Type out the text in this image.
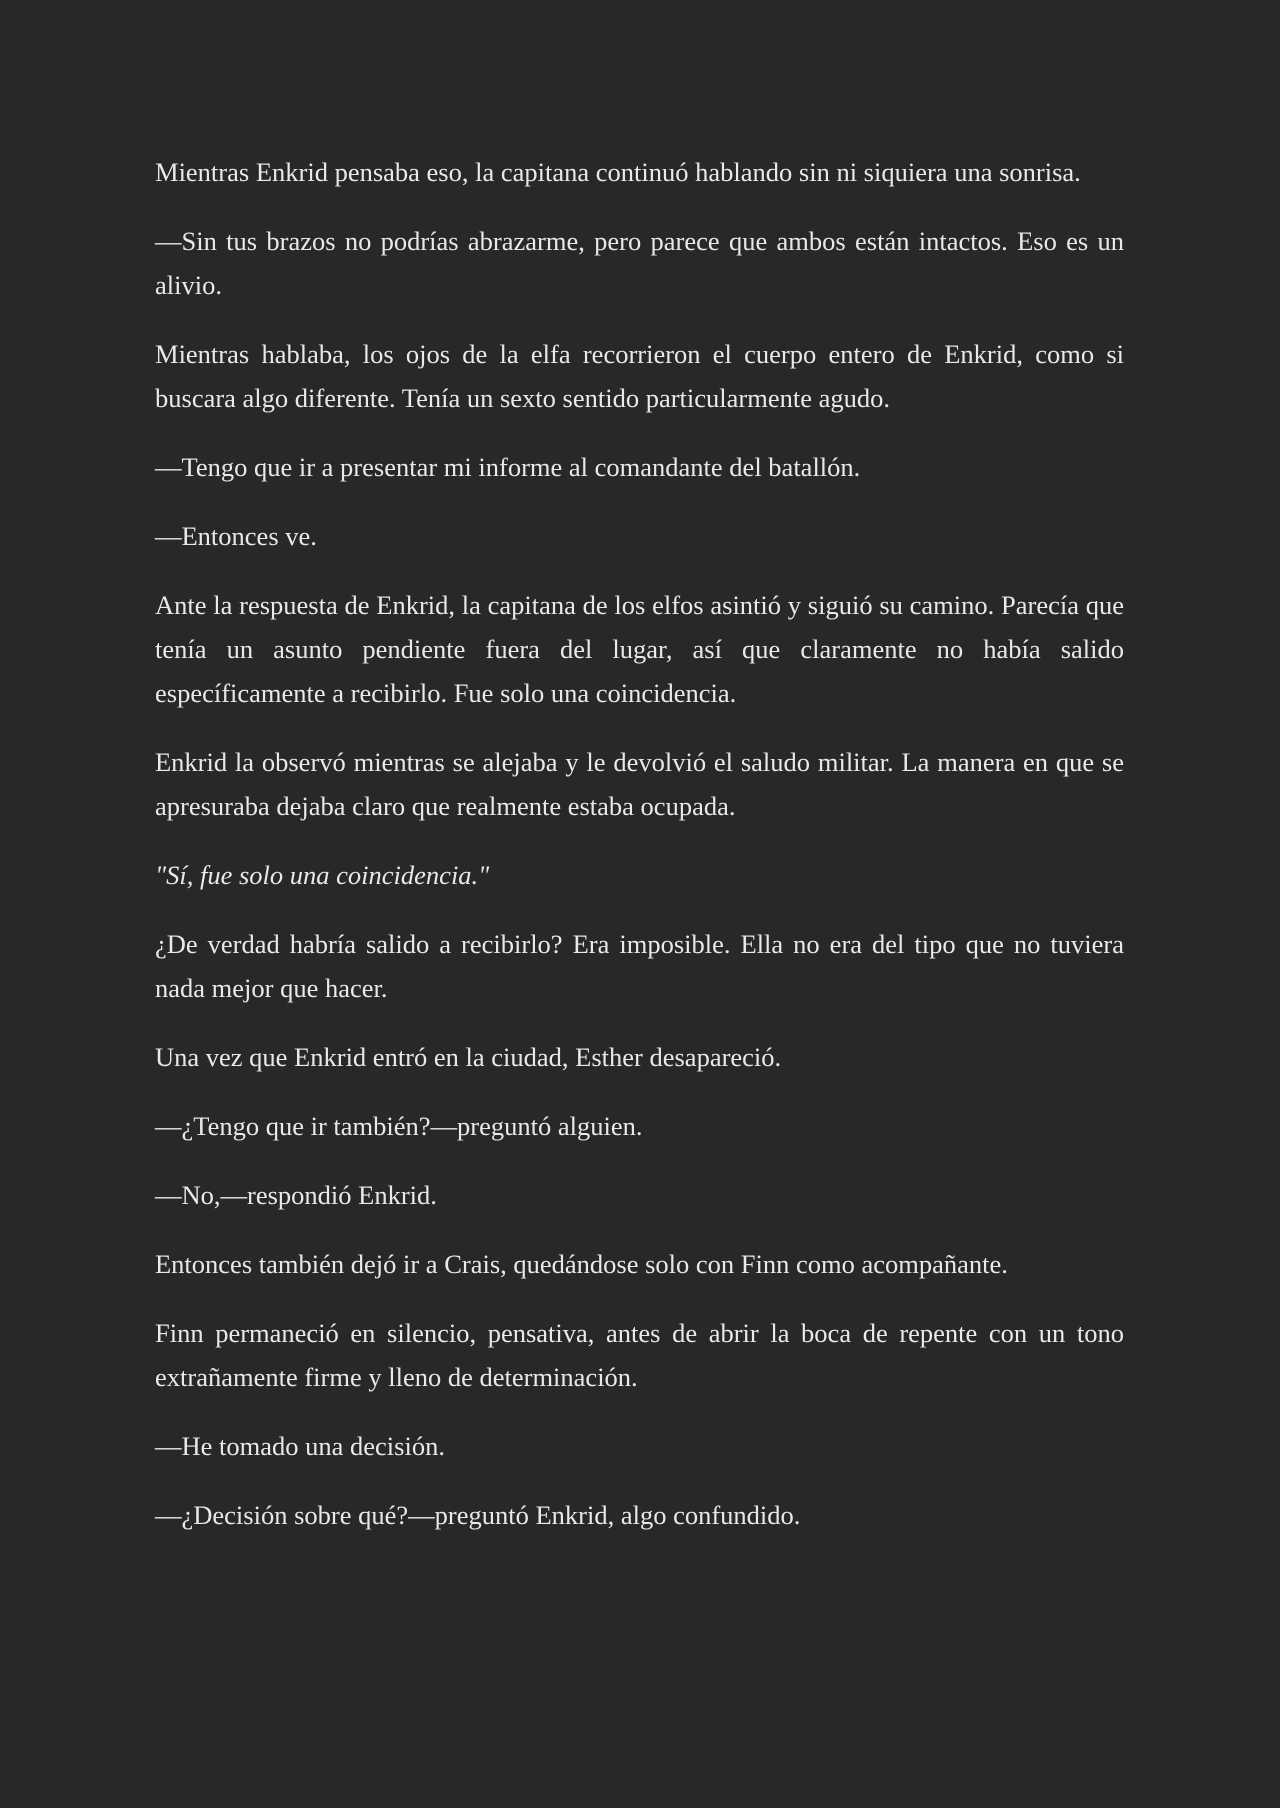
Mientras Enkrid pensaba eso, la capitana continuó hablando sin ni siquiera una sonrisa.

—Sin tus brazos no podrías abrazarme, pero parece que ambos están intactos. Eso es un alivio.

Mientras hablaba, los ojos de la elfa recorrieron el cuerpo entero de Enkrid, como si buscara algo diferente. Tenía un sexto sentido particularmente agudo.

—Tengo que ir a presentar mi informe al comandante del batallón.

—Entonces ve.

Ante la respuesta de Enkrid, la capitana de los elfos asintió y siguió su camino. Parecía que tenía un asunto pendiente fuera del lugar, así que claramente no había salido específicamente a recibirlo. Fue solo una coincidencia.

Enkrid la observó mientras se alejaba y le devolvió el saludo militar. La manera en que se apresuraba dejaba claro que realmente estaba ocupada.

"Sí, fue solo una coincidencia."

¿De verdad habría salido a recibirlo? Era imposible. Ella no era del tipo que no tuviera nada mejor que hacer.

Una vez que Enkrid entró en la ciudad, Esther desapareció.

—¿Tengo que ir también?—preguntó alguien.

—No,—respondió Enkrid.

Entonces también dejó ir a Crais, quedándose solo con Finn como acompañante.

Finn permaneció en silencio, pensativa, antes de abrir la boca de repente con un tono extrañamente firme y lleno de determinación.

—He tomado una decisión.

—¿Decisión sobre qué?—preguntó Enkrid, algo confundido.
